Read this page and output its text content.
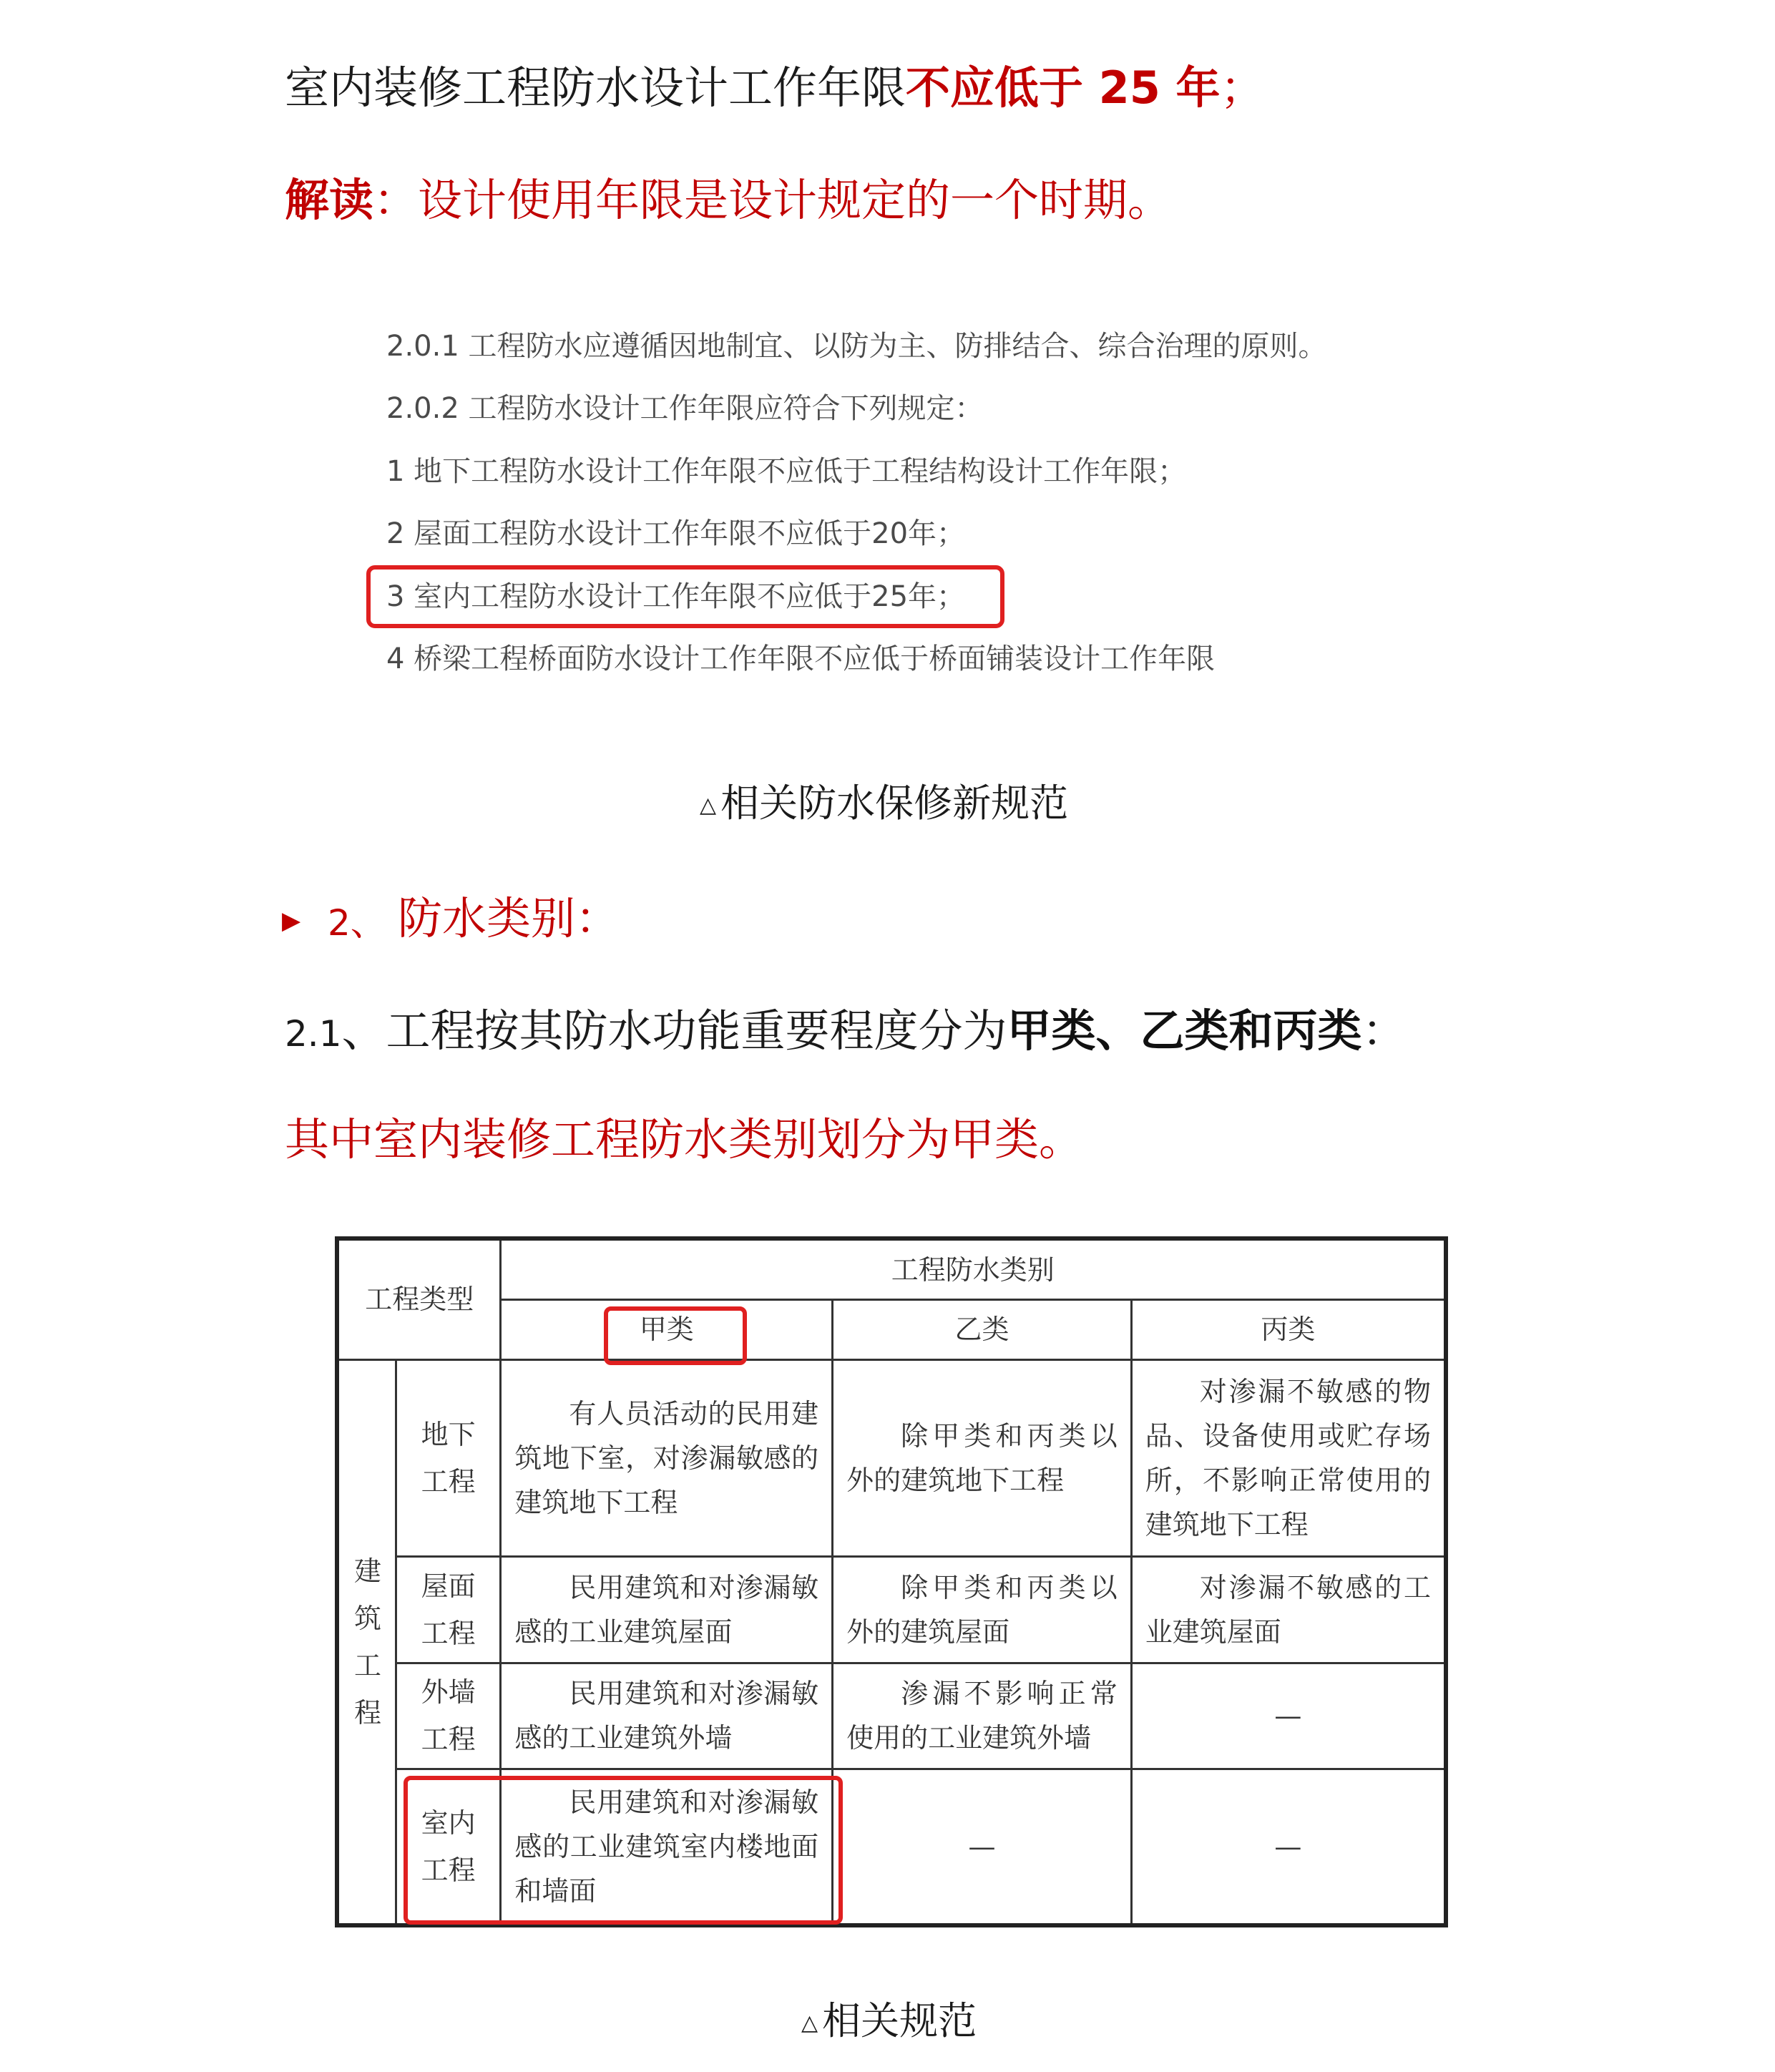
室内装修工程防水设计工作年限不应低于 25 年；
解读：设计使用年限是设计规定的一个时期。
2.0.1 工程防水应遵循因地制宜、以防为主、防排结合、综合治理的原则。
2.0.2 工程防水设计工作年限应符合下列规定：
1 地下工程防水设计工作年限不应低于工程结构设计工作年限；
2 屋面工程防水设计工作年限不应低于20年；
3 室内工程防水设计工作年限不应低于25年；
4 桥梁工程桥面防水设计工作年限不应低于桥面铺装设计工作年限
△ 相关防水保修新规范
▶ 2、 防水类别：
2.1、工程按其防水功能重要程度分为甲类、乙类和丙类：
其中室内装修工程防水类别划分为甲类。
工程类型		工程防水类别		
		甲类	乙类	丙类
建筑工程	地下工程	有人员活动的民用建筑地下室，对渗漏敏感的建筑地下工程	除甲类和丙类以外的建筑地下工程	对渗漏不敏感的物品、设备使用或贮存场所，不影响正常使用的建筑地下工程
	屋面工程	民用建筑和对渗漏敏感的工业建筑屋面	除甲类和丙类以外的建筑屋面	对渗漏不敏感的工业建筑屋面
	外墙工程	民用建筑和对渗漏敏感的工业建筑外墙	渗漏不影响正常使用的工业建筑外墙	—
	室内工程	民用建筑和对渗漏敏感的工业建筑室内楼地面和墙面	—	—
△ 相关规范
